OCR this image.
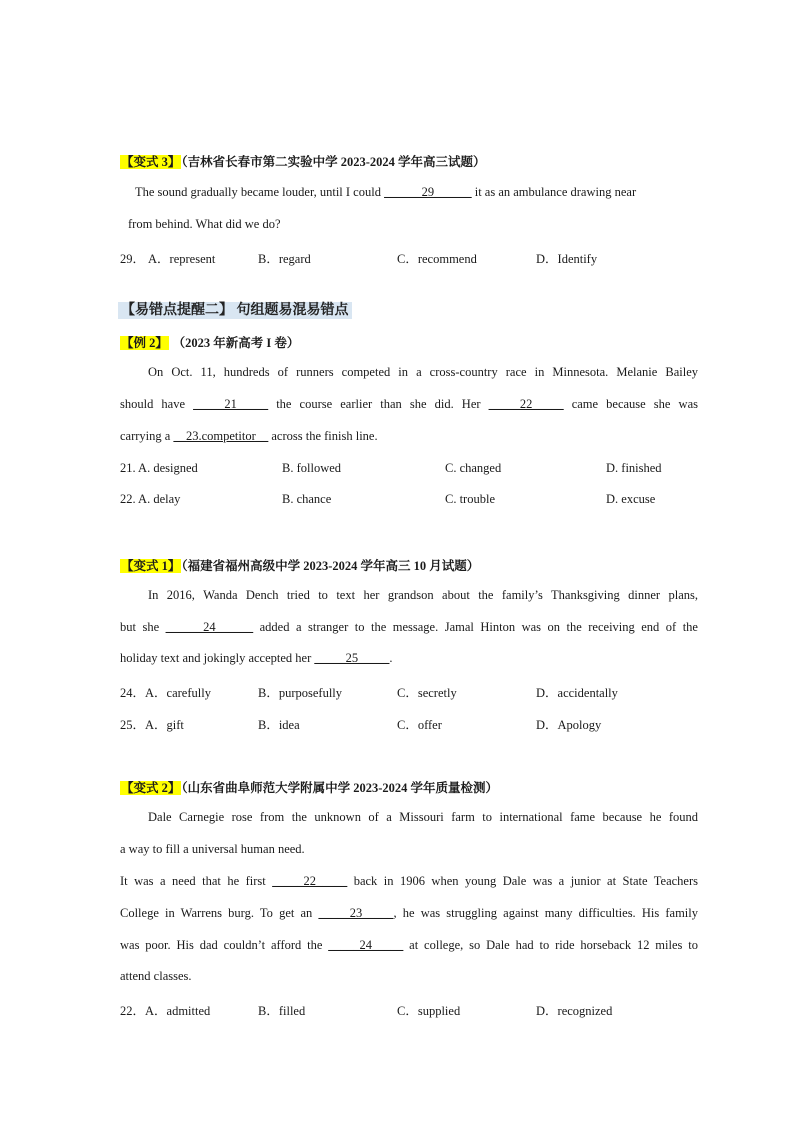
【变式 3】（吉林省长春市第二实验中学 2023-2024 学年高三试题）
The sound gradually became louder, until I could ______29______ it as an ambulance drawing near
from behind. What did we do?
29． A．represent	B．regard	C．recommend	D．Identify
【易错点提醒二】 句组题易混易错点
【例 2】 （2023 年新高考 I 卷）
On Oct. 11, hundreds of runners competed in a cross-country race in Minnesota. Melanie Bailey
should have _____21_____ the course earlier than she did. Her _____22_____ came because she was
carrying a __23.competitor__ across the finish line.
21. A. designed	B. followed	C. changed	D. finished
22. A. delay	B. chance	C. trouble	D. excuse
【变式 1】（福建省福州高级中学 2023-2024 学年高三 10 月试题）
In 2016, Wanda Dench tried to text her grandson about the family’s Thanksgiving dinner plans,
but she ______24______ added a stranger to the message. Jamal Hinton was on the receiving end of the
holiday text and jokingly accepted her _____25_____.
24．A．carefully	B．purposefully	C．secretly	D．accidentally
25．A．gift	B．idea	C．offer	D．Apology
【变式 2】（山东省曲阜师范大学附属中学 2023-2024 学年质量检测）
Dale Carnegie rose from the unknown of a Missouri farm to international fame because he found
a way to fill a universal human need.
It was a need that he first _____22_____ back in 1906 when young Dale was a junior at State Teachers
College in Warrens burg. To get an _____23_____, he was struggling against many difficulties. His family
was poor. His dad couldn’t afford the _____24_____ at college, so Dale had to ride horseback 12 miles to
attend classes.
22．A．admitted	B．filled	C．supplied	D．recognized
